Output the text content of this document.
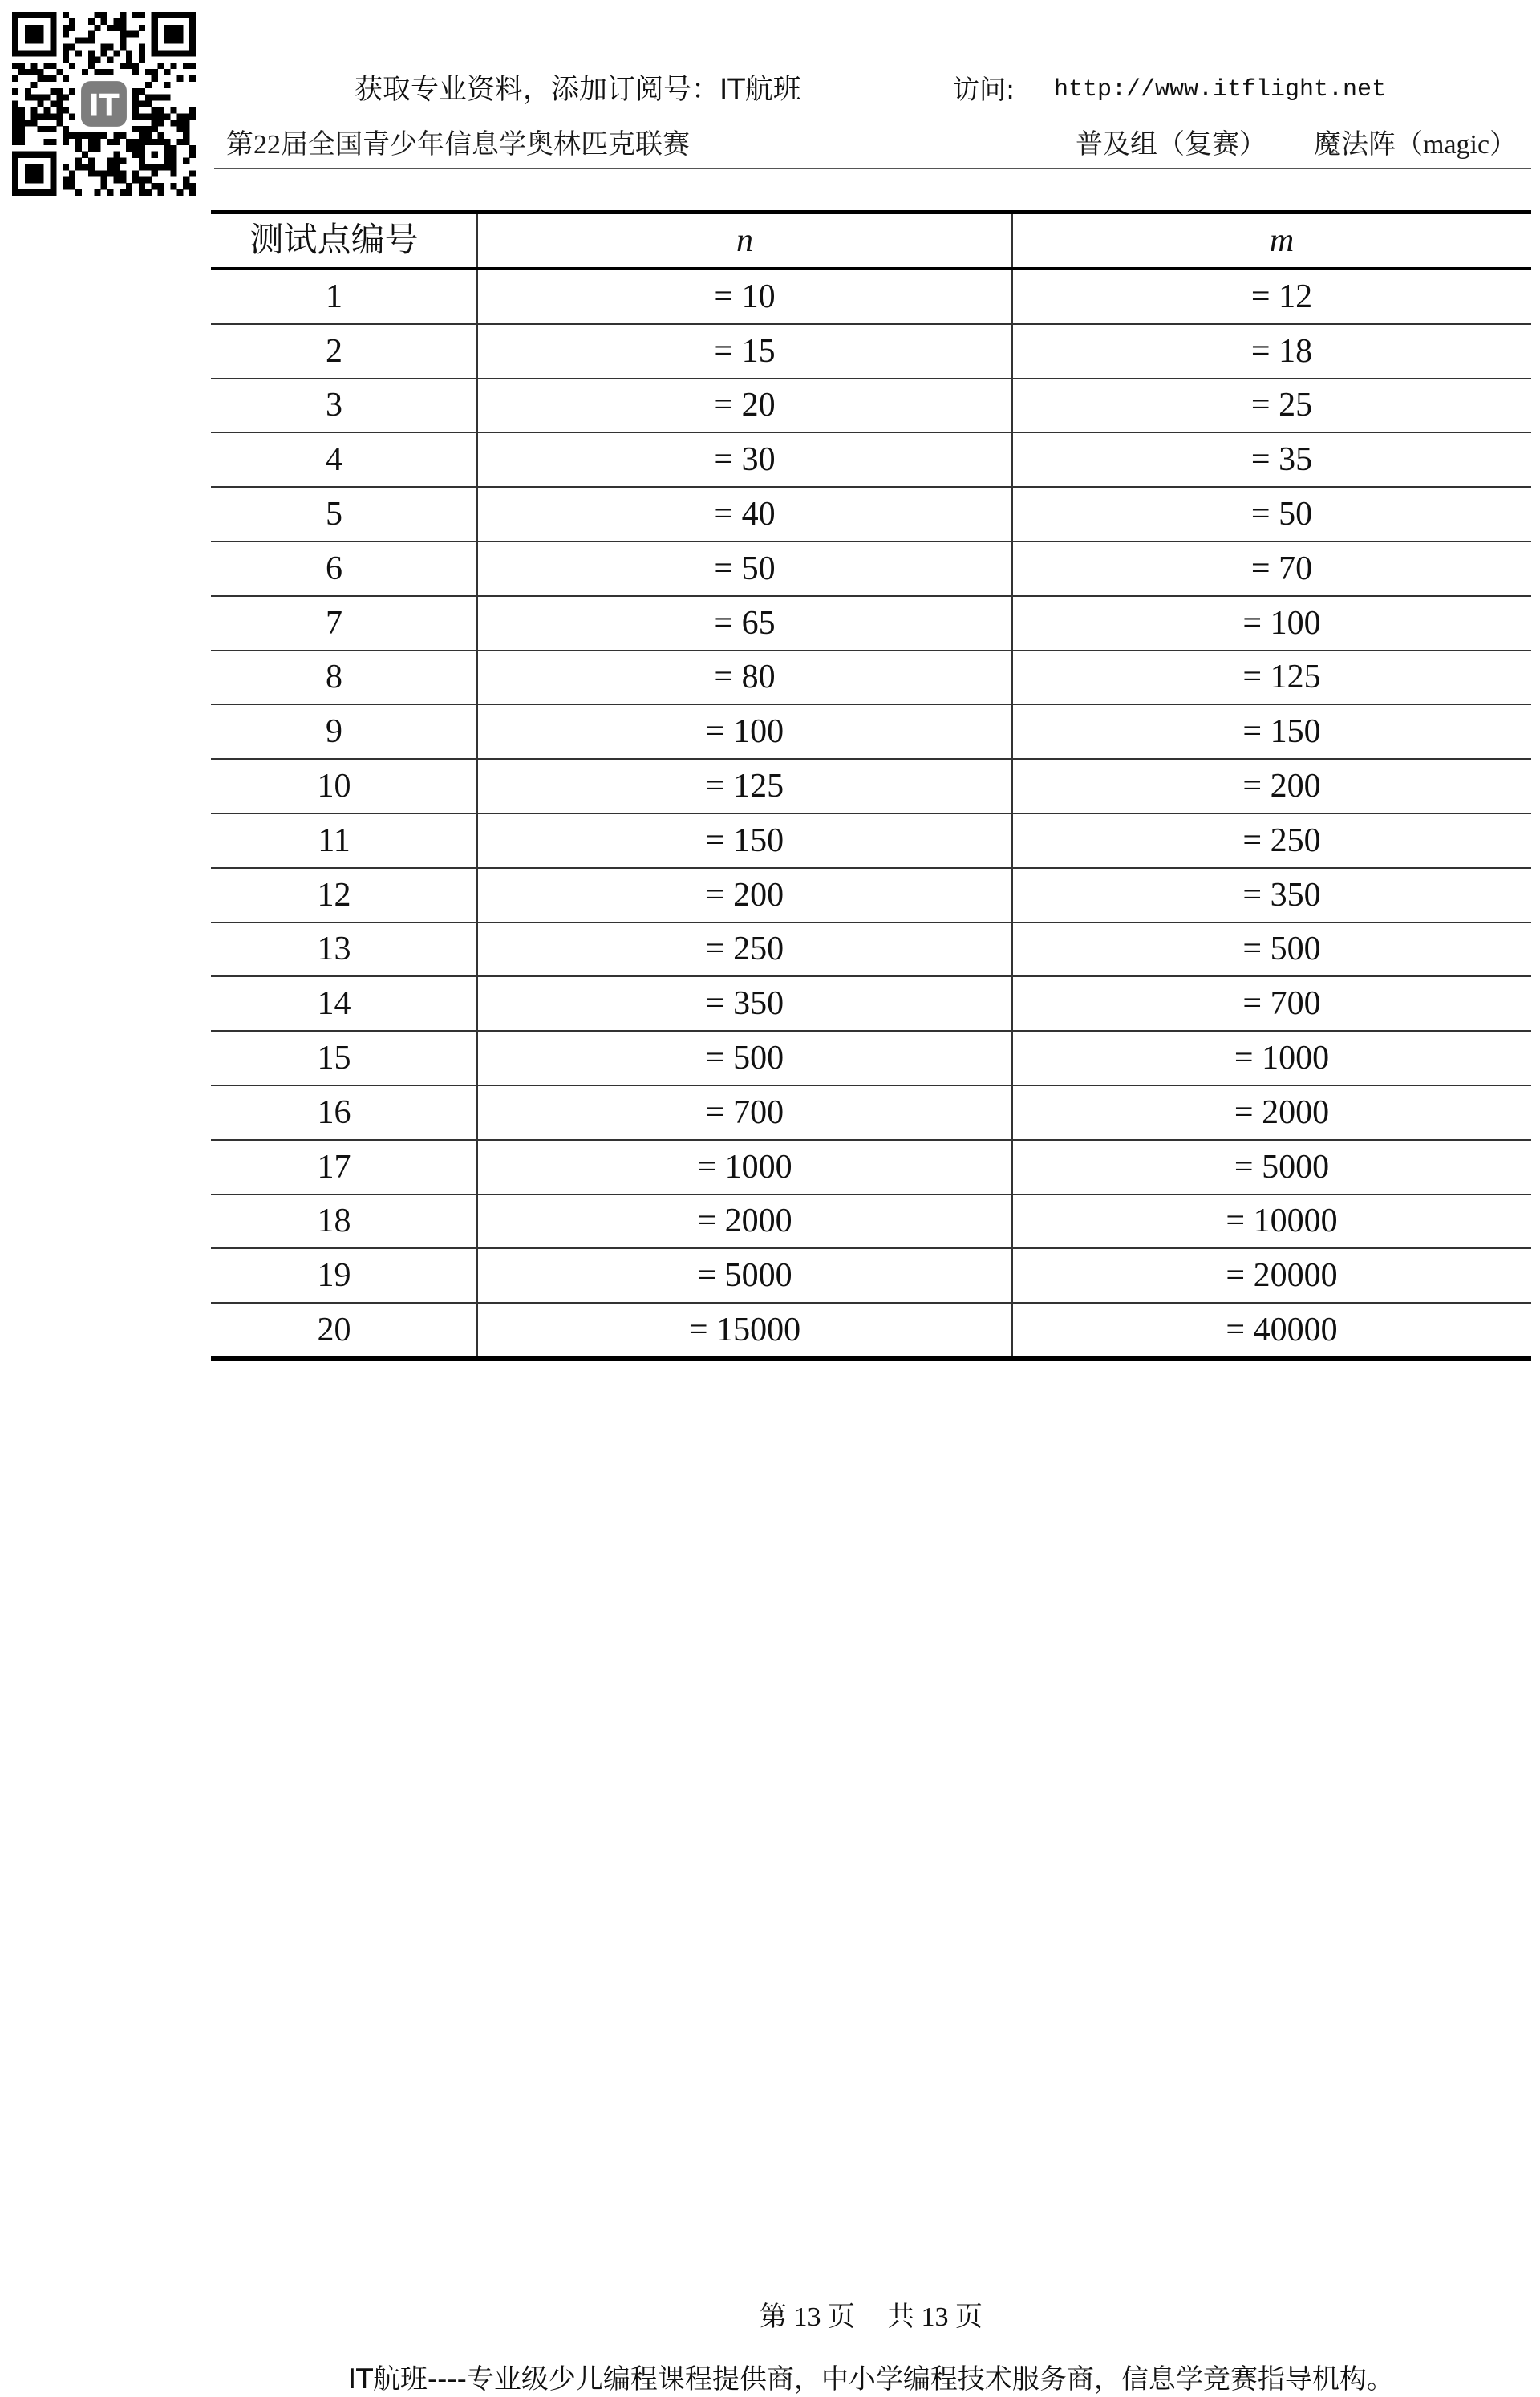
IT	获取专业资料，添加订阅号：IT航班	访问: http://www.itflight.net
第22届全国青少年信息学奥林匹克联赛	普及组（复赛） 魔法阵（magic）
测试点编号	n	m
1	= 10	= 12
2	= 15	= 18
3	= 20	= 25
4	= 30	= 35
5	= 40	= 50
6	= 50	= 70
7	= 65	= 100
8	= 80	= 125
9	= 100	= 150
10	= 125	= 200
11	= 150	= 250
12	= 200	= 350
13	= 250	= 500
14	= 350	= 700
15	= 500	= 1000
16	= 700	= 2000
17	= 1000	= 5000
18	= 2000	= 10000
19	= 5000	= 20000
20	= 15000	= 40000
第 13 页 共 13 页
IT航班----专业级少儿编程课程提供商，中小学编程技术服务商，信息学竞赛指导机构。
